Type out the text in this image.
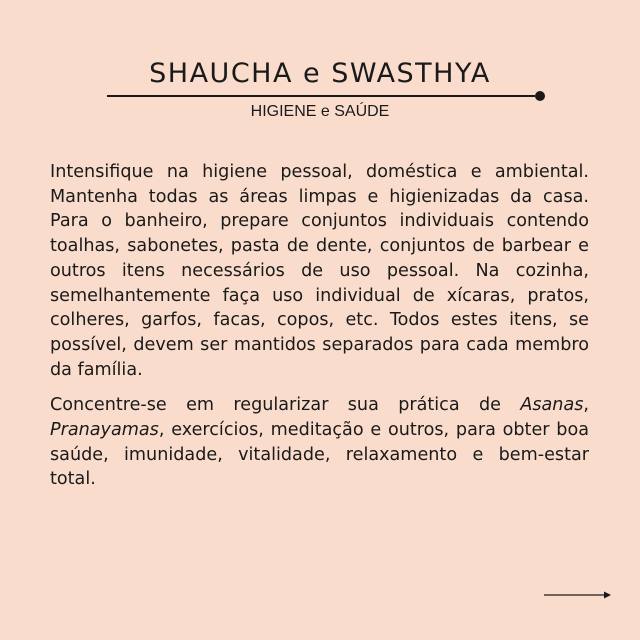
SHAUCHA e SWASTHYA
HIGIENE e SAÚDE

Intensifique na higiene pessoal, doméstica e ambiental. Mantenha todas as áreas limpas e higienizadas da casa. Para o banheiro, prepare conjuntos individuais contendo toalhas, sabonetes, pasta de dente, conjuntos de barbear e outros itens necessários de uso pessoal. Na cozinha, semelhantemente faça uso individual de xícaras, pratos, colheres, garfos, facas, copos, etc. Todos estes itens, se possível, devem ser mantidos separados para cada membro da família.

Concentre-se em regularizar sua prática de Asanas, Pranayamas, exercícios, meditação e outros, para obter boa saúde, imunidade, vitalidade, relaxamento e bem-estar total.
